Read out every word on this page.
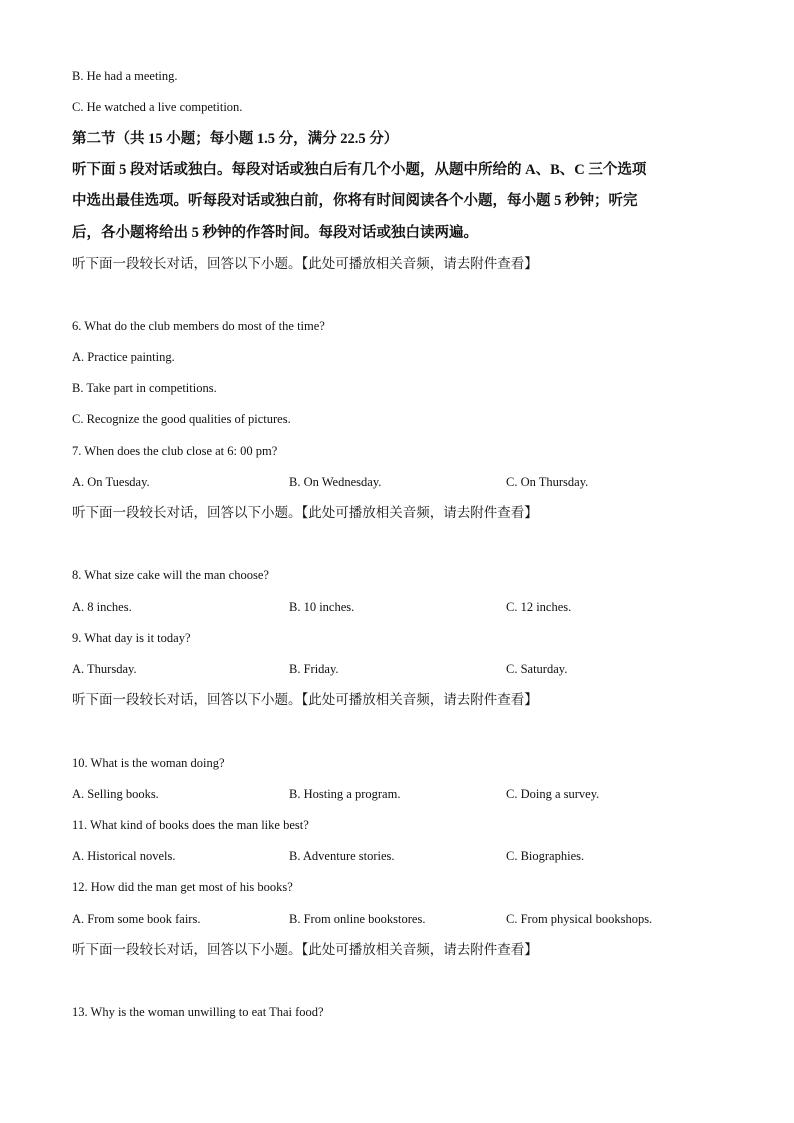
B. He had a meeting.
C. He watched a live competition.
第二节（共 15 小题；每小题 1.5 分，满分 22.5 分）
听下面 5 段对话或独白。每段对话或独白后有几个小题，从题中所给的 A、B、C 三个选项
中选出最佳选项。听每段对话或独白前，你将有时间阅读各个小题，每小题 5 秒钟；听完
后，各小题将给出 5 秒钟的作答时间。每段对话或独白读两遍。
听下面一段较长对话，回答以下小题。【此处可播放相关音频，请去附件查看】
6. What do the club members do most of the time?
A. Practice painting.
B. Take part in competitions.
C. Recognize the good qualities of pictures.
7. When does the club close at 6: 00 pm?
A. On Tuesday.	B. On Wednesday.	C. On Thursday.
听下面一段较长对话，回答以下小题。【此处可播放相关音频，请去附件查看】
8. What size cake will the man choose?
A. 8 inches.	B. 10 inches.	C. 12 inches.
9. What day is it today?
A. Thursday.	B. Friday.	C. Saturday.
听下面一段较长对话，回答以下小题。【此处可播放相关音频，请去附件查看】
10. What is the woman doing?
A. Selling books.	B. Hosting a program.	C. Doing a survey.
11. What kind of books does the man like best?
A. Historical novels.	B. Adventure stories.	C. Biographies.
12. How did the man get most of his books?
A. From some book fairs.	B. From online bookstores.	C. From physical bookshops.
听下面一段较长对话，回答以下小题。【此处可播放相关音频，请去附件查看】
13. Why is the woman unwilling to eat Thai food?
